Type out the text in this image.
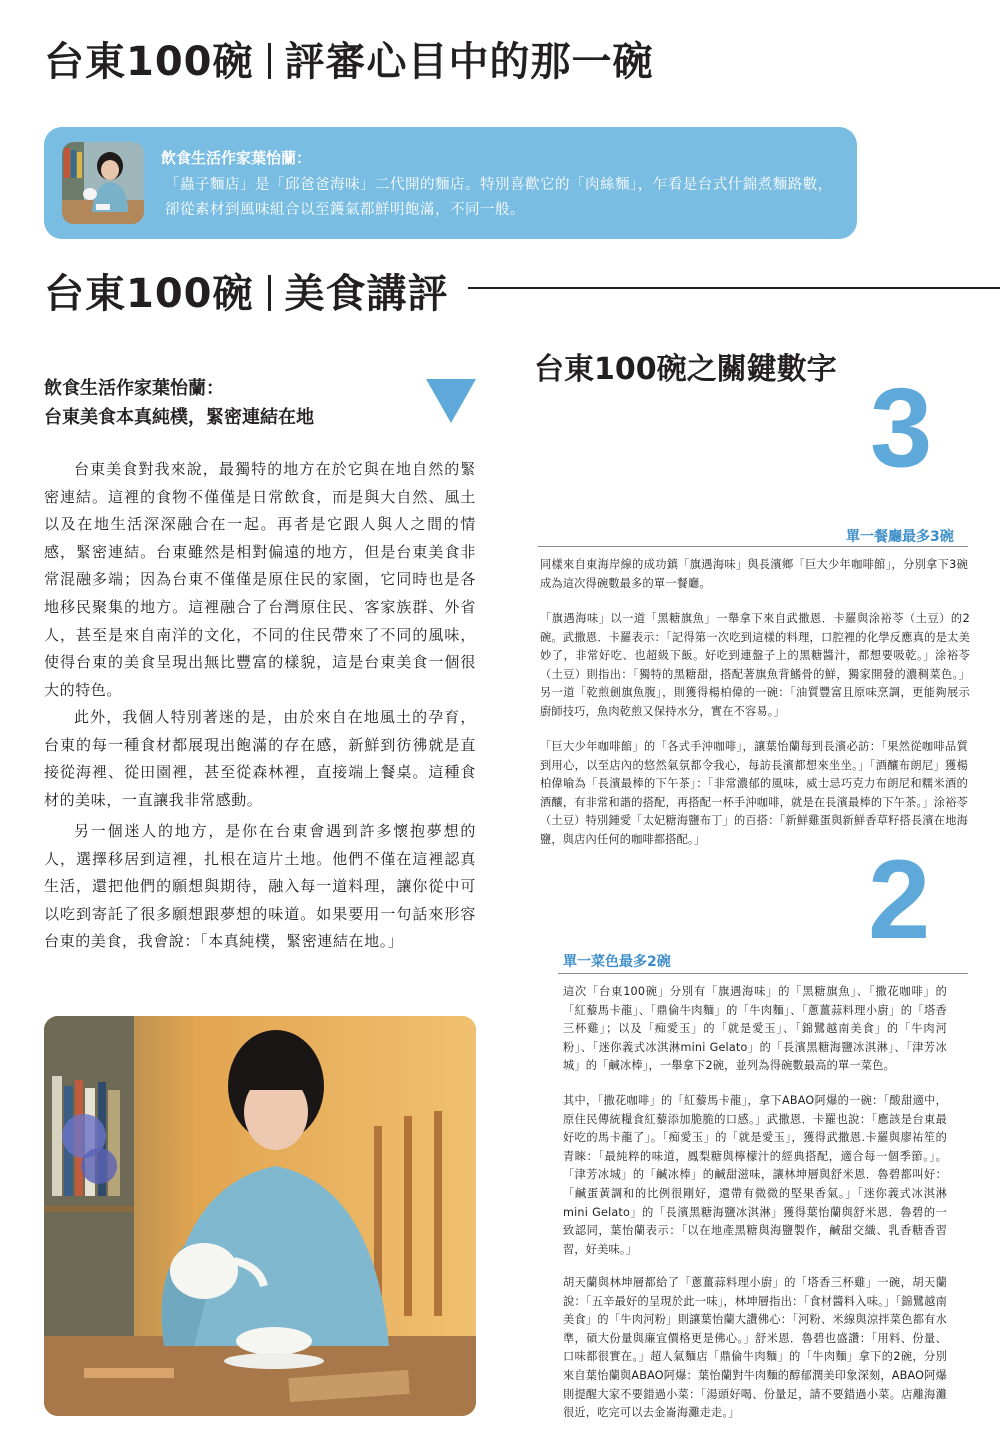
台東100碗 評審心目中的那一碗
飲食生活作家葉怡蘭：
「蟲子麵店」是「邱爸爸海味」二代開的麵店。特別喜歡它的「肉絲麵」，乍看是台式什錦煮麵路數，卻從素材到風味組合以至鑊氣都鮮明飽滿，不同一般。
台東100碗 美食講評
飲食生活作家葉怡蘭：
台東美食本真純樸，緊密連結在地

台東美食對我來說，最獨特的地方在於它與在地自然的緊密連結。這裡的食物不僅僅是日常飲食，而是與大自然、風土以及在地生活深深融合在一起。再者是它跟人與人之間的情感，緊密連結。台東雖然是相對偏遠的地方，但是台東美食非常混融多端；因為台東不僅僅是原住民的家園，它同時也是各地移民聚集的地方。這裡融合了台灣原住民、客家族群、外省人，甚至是來自南洋的文化，不同的住民帶來了不同的風味，使得台東的美食呈現出無比豐富的樣貌，這是台東美食一個很大的特色。

此外，我個人特別著迷的是，由於來自在地風土的孕育，台東的每一種食材都展現出飽滿的存在感，新鮮到彷彿就是直接從海裡、從田園裡，甚至從森林裡，直接端上餐桌。這種食材的美味，一直讓我非常感動。

另一個迷人的地方，是你在台東會遇到許多懷抱夢想的人，選擇移居到這裡，扎根在這片土地。他們不僅在這裡認真生活，還把他們的願想與期待，融入每一道料理，讓你從中可以吃到寄託了很多願想跟夢想的味道。如果要用一句話來形容台東的美食，我會說：「本真純樸，緊密連結在地。」

台東100碗之關鍵數字 3
單一餐廳最多3碗

同樣來自東海岸線的成功鎮「旗遇海味」與長濱鄉「巨大少年咖啡館」，分別拿下3碗成為這次得碗數最多的單一餐廳。

「旗遇海味」以一道「黑糖旗魚」一舉拿下來自武撒恩．卡羅與涂裕苓（土豆）的2碗。武撒恩．卡羅表示：「記得第一次吃到這樣的料理，口腔裡的化學反應真的是太美妙了，非常好吃、也超級下飯。好吃到連盤子上的黑糖醬汁，都想要吸乾。」涂裕苓（土豆）則指出：「獨特的黑糖甜，搭配著旗魚背鰭骨的鮮，獨家開發的濃稠菜色。」另一道「乾煎劍旗魚腹」，則獲得楊柏偉的一碗：「油質豐富且原味烹調，更能夠展示廚師技巧，魚肉乾煎又保持水分，實在不容易。」

「巨大少年咖啡館」的「各式手沖咖啡」，讓葉怡蘭每到長濱必訪：「果然從咖啡品質到用心，以至店內的悠然氣氛都令我心，每訪長濱都想來坐坐。」「酒釀布朗尼」獲楊柏偉喻為「長濱最棒的下午茶」：「非常濃郁的風味，威士忌巧克力布朗尼和糯米酒的酒釀，有非常和諧的搭配，再搭配一杯手沖咖啡，就是在長濱最棒的下午茶。」涂裕苓（土豆）特別鍾愛「太妃糖海鹽布丁」的百搭：「新鮮雞蛋與新鮮香草籽搭長濱在地海鹽，與店內任何的咖啡都搭配。」	2
單一菜色最多2碗

這次「台東100碗」分別有「旗遇海味」的「黑糖旗魚」、「撒花咖啡」的「紅藜馬卡龍」、「鼎倫牛肉麵」的「牛肉麵」、「蔥薑蒜料理小廚」的「塔香三杯雞」；以及「痴愛玉」的「就是愛玉」、「錦鷺越南美食」的「牛肉河粉」、「迷你義式冰淇淋mini Gelato」的「長濱黑糖海鹽冰淇淋」、「津芳冰城」的「鹹冰棒」，一舉拿下2碗，並列為得碗數最高的單一菜色。

其中，「撒花咖啡」的「紅藜馬卡龍」，拿下ABAO阿爆的一碗：「酸甜適中，原住民傳統糧食紅藜添加脆脆的口感。」武撒恩．卡羅也說：「應該是台東最好吃的馬卡龍了」。「痴愛玉」的「就是愛玉」，獲得武撒恩.卡羅與廖祐笙的青睞：「最純粹的味道，鳳梨糖與檸檬汁的經典搭配，適合每一個季節。」。「津芳冰城」的「鹹冰棒」的鹹甜滋味，讓林坤層與舒米恩．魯碧都叫好：「鹹蛋黃調和的比例很剛好，還帶有微微的堅果香氣。」「迷你義式冰淇淋mini Gelato」的「長濱黑糖海鹽冰淇淋」獲得葉怡蘭與舒米恩．魯碧的一致認同，葉怡蘭表示：「以在地產黑糖與海鹽製作，鹹甜交織、乳香糖香習習，好美味。」

胡天蘭與林坤層都給了「蔥薑蒜料理小廚」的「塔香三杯雞」一碗，胡天蘭說：「五辛最好的呈現於此一味」，林坤層指出：「食材醬料入味。」「錦鷺越南美食」的「牛肉河粉」則讓葉怡蘭大讚佛心：「河粉、米線與涼拌菜色都有水準，碩大份量與廉宜價格更是佛心。」舒米恩．魯碧也盛讚：「用料、份量、口味都很實在。」超人氣麵店「鼎倫牛肉麵」的「牛肉麵」拿下的2碗，分別來自葉怡蘭與ABAO阿爆：葉怡蘭對牛肉麵的醇郁潤美印象深刻，ABAO阿爆則提醒大家不要錯過小菜：「湯頭好喝、份量足，請不要錯過小菜。店離海灘很近，吃完可以去金崙海灘走走。」
